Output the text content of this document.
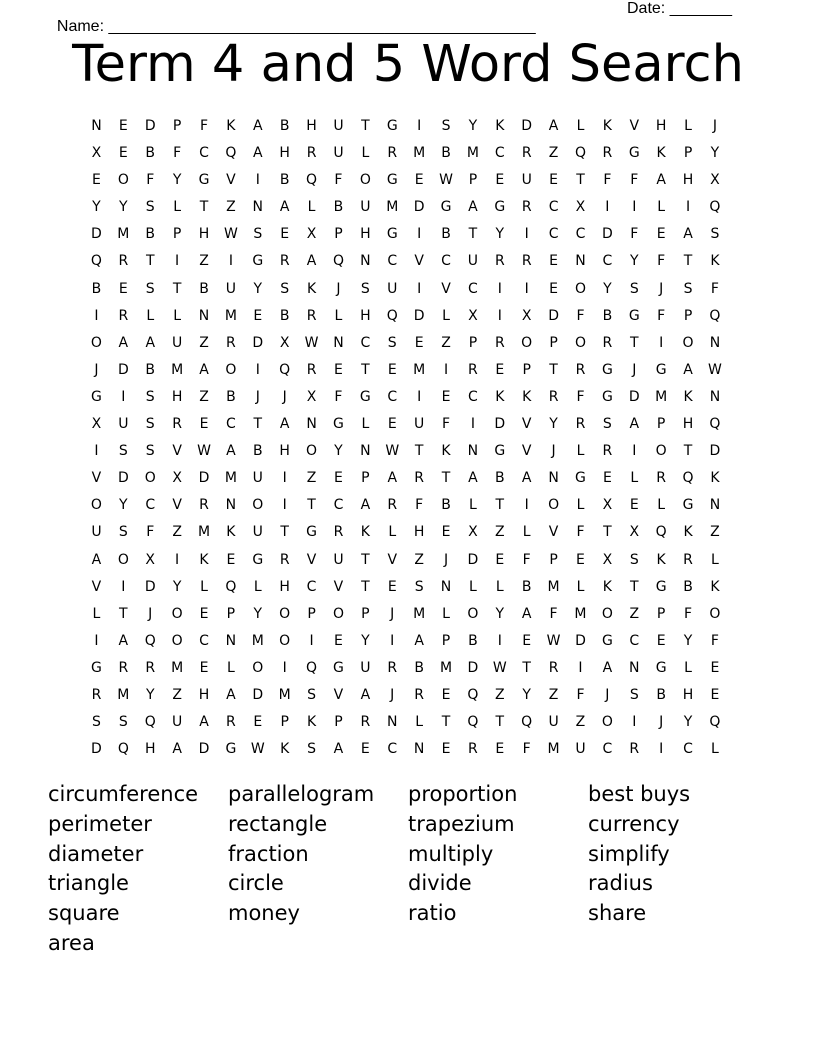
Name: ________________________________________________

Date: _______

Term 4 and 5 Word Search
N	E	D	P	F	K	A	B	H	U	T	G	I	S	Y	K	D	A	L	K	V	H	L	J
X	E	B	F	C	Q	A	H	R	U	L	R	M	B	M	C	R	Z	Q	R	G	K	P	Y
E	O	F	Y	G	V	I	B	Q	F	O	G	E	W	P	E	U	E	T	F	F	A	H	X
Y	Y	S	L	T	Z	N	A	L	B	U	M	D	G	A	G	R	C	X	I	I	L	I	Q
D	M	B	P	H	W	S	E	X	P	H	G	I	B	T	Y	I	C	C	D	F	E	A	S
Q	R	T	I	Z	I	G	R	A	Q	N	C	V	C	U	R	R	E	N	C	Y	F	T	K
B	E	S	T	B	U	Y	S	K	J	S	U	I	V	C	I	I	E	O	Y	S	J	S	F
I	R	L	L	N	M	E	B	R	L	H	Q	D	L	X	I	X	D	F	B	G	F	P	Q
O	A	A	U	Z	R	D	X	W	N	C	S	E	Z	P	R	O	P	O	R	T	I	O	N
J	D	B	M	A	O	I	Q	R	E	T	E	M	I	R	E	P	T	R	G	J	G	A	W
G	I	S	H	Z	B	J	J	X	F	G	C	I	E	C	K	K	R	F	G	D	M	K	N
X	U	S	R	E	C	T	A	N	G	L	E	U	F	I	D	V	Y	R	S	A	P	H	Q
I	S	S	V	W	A	B	H	O	Y	N	W	T	K	N	G	V	J	L	R	I	O	T	D
V	D	O	X	D	M	U	I	Z	E	P	A	R	T	A	B	A	N	G	E	L	R	Q	K
O	Y	C	V	R	N	O	I	T	C	A	R	F	B	L	T	I	O	L	X	E	L	G	N
U	S	F	Z	M	K	U	T	G	R	K	L	H	E	X	Z	L	V	F	T	X	Q	K	Z
A	O	X	I	K	E	G	R	V	U	T	V	Z	J	D	E	F	P	E	X	S	K	R	L
V	I	D	Y	L	Q	L	H	C	V	T	E	S	N	L	L	B	M	L	K	T	G	B	K
L	T	J	O	E	P	Y	O	P	O	P	J	M	L	O	Y	A	F	M	O	Z	P	F	O
I	A	Q	O	C	N	M	O	I	E	Y	I	A	P	B	I	E	W	D	G	C	E	Y	F
G	R	R	M	E	L	O	I	Q	G	U	R	B	M	D	W	T	R	I	A	N	G	L	E
R	M	Y	Z	H	A	D	M	S	V	A	J	R	E	Q	Z	Y	Z	F	J	S	B	H	E
S	S	Q	U	A	R	E	P	K	P	R	N	L	T	Q	T	Q	U	Z	O	I	J	Y	Q
D	Q	H	A	D	G	W	K	S	A	E	C	N	E	R	E	F	M	U	C	R	I	C	L
circumference	parallelogram	proportion	best buys
perimeter	rectangle	trapezium	currency
diameter	fraction	multiply	simplify
triangle	circle	divide	radius
square	money	ratio	share
area
